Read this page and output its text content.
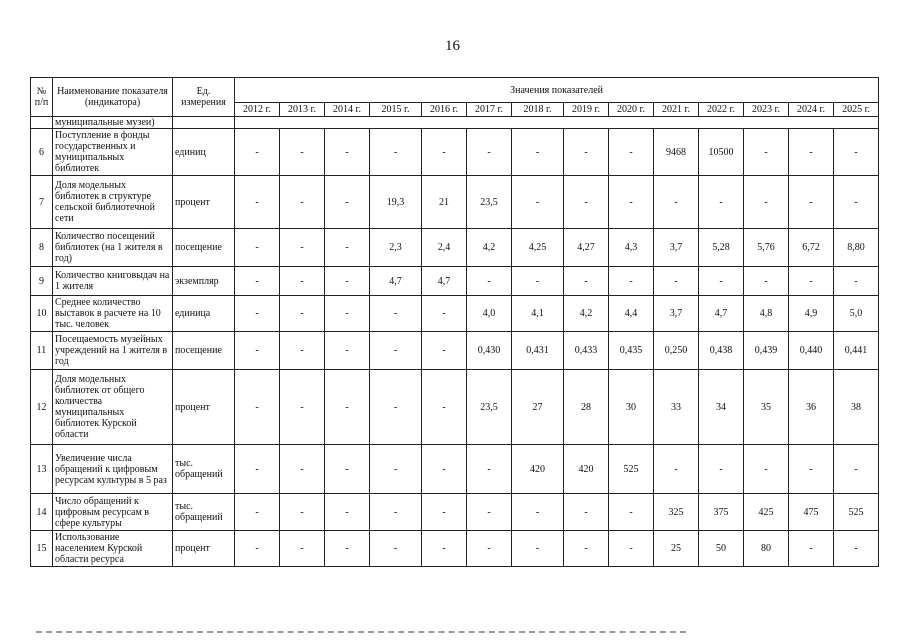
16
№ п/п	Наименование показателя (индикатора)	Ед. измерения	Значения показателей													
			2012 г.	2013 г.	2014 г.	2015 г.	2016 г.	2017 г.	2018 г.	2019 г.	2020 г.	2021 г.	2022 г.	2023 г.	2024 г.	2025 г.
	муниципальные музеи)															
6	Поступление в фонды государственных и муниципальных библиотек	единиц	-	-	-	-	-	-	-	-	-	9468	10500	-	-	-
7	Доля модельных библиотек в структуре сельской библиотечной сети	процент	-	-	-	19,3	21	23,5	-	-	-	-	-	-	-	-
8	Количество посещений библиотек (на 1 жителя в год)	посещение	-	-	-	2,3	2,4	4,2	4,25	4,27	4,3	3,7	5,28	5,76	6,72	8,80
9	Количество книговыдач на 1 жителя	экземпляр	-	-	-	4,7	4,7	-	-	-	-	-	-	-	-	-
10	Среднее количество выставок в расчете на 10 тыс. человек	единица	-	-	-	-	-	4,0	4,1	4,2	4,4	3,7	4,7	4,8	4,9	5,0
11	Посещаемость музейных учреждений на 1 жителя в год	посещение	-	-	-	-	-	0,430	0,431	0,433	0,435	0,250	0,438	0,439	0,440	0,441
12	Доля модельных библиотек от общего количества муниципальных библиотек Курской области	процент	-	-	-	-	-	23,5	27	28	30	33	34	35	36	38
13	Увеличение числа обращений к цифровым ресурсам культуры в 5 раз	тыс. обращений	-	-	-	-	-	-	420	420	525	-	-	-	-	-
14	Число обращений к цифровым ресурсам в сфере культуры	тыс. обращений	-	-	-	-	-	-	-	-	-	325	375	425	475	525
15	Использование населением Курской области ресурса	процент	-	-	-	-	-	-	-	-	-	25	50	80	-	-
